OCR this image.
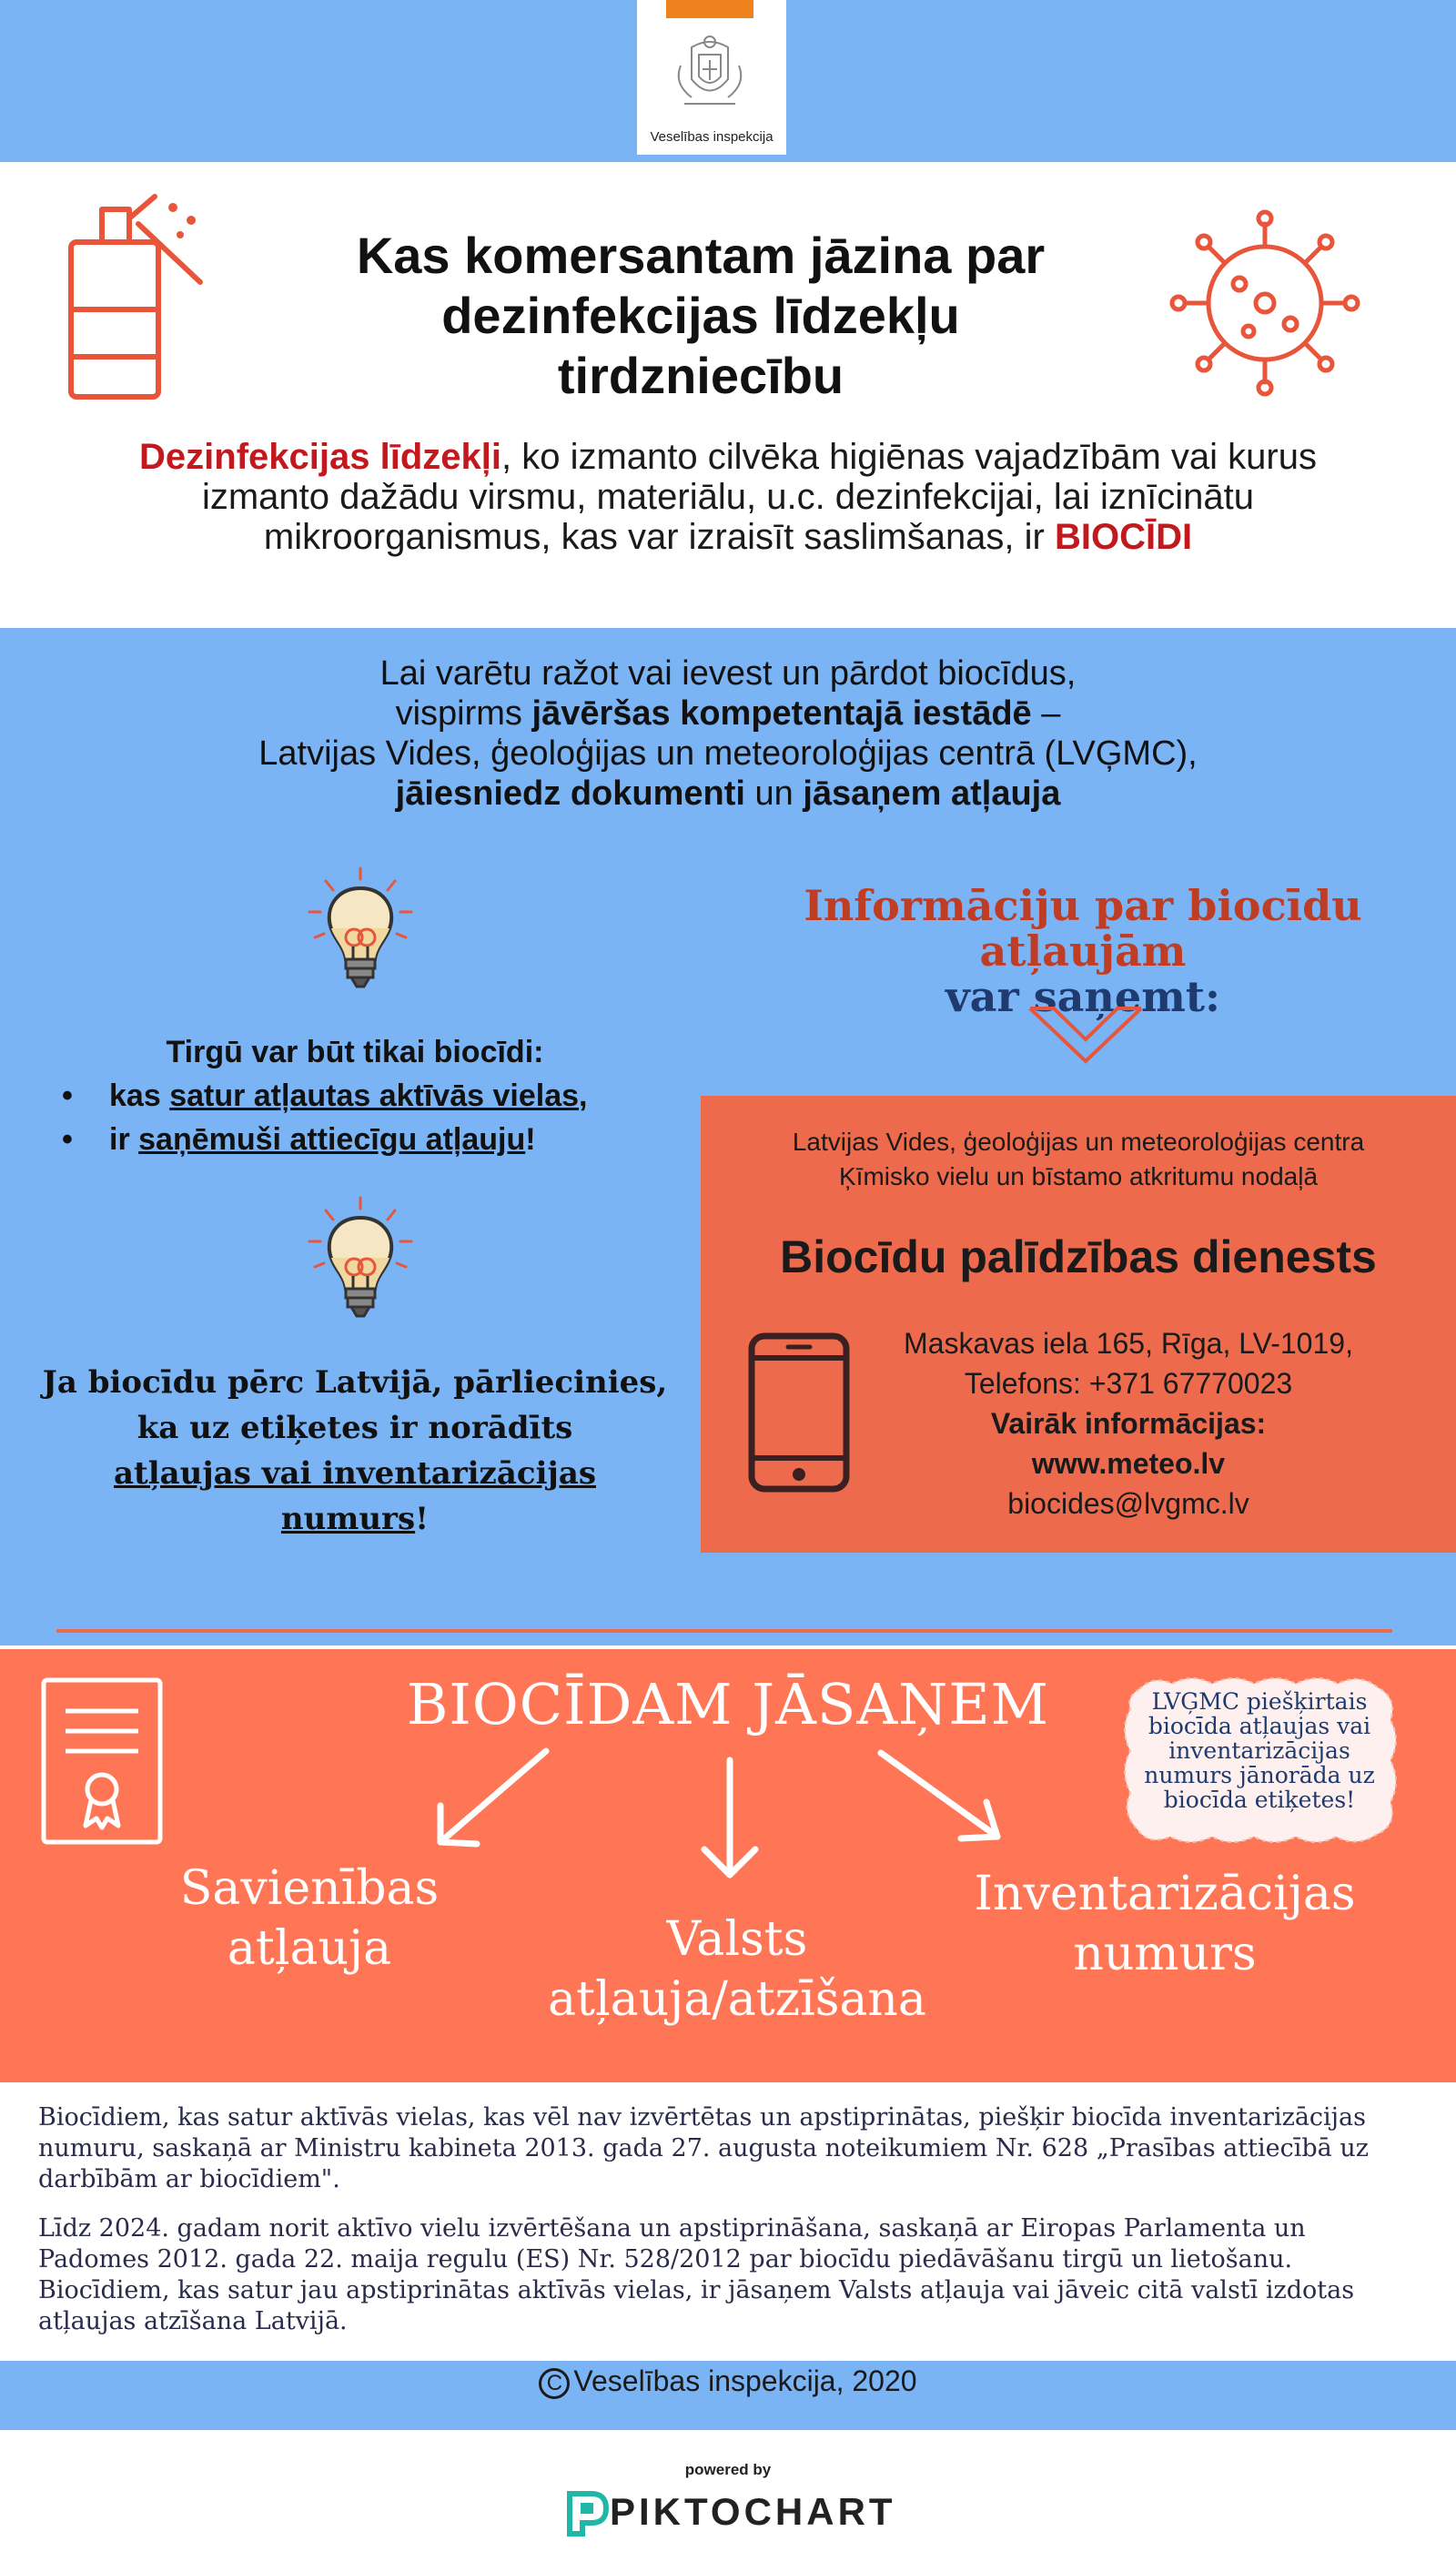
Veselības inspekcija
Kas komersantam jāzina par
dezinfekcijas līdzekļu
tirdzniecību
Dezinfekcijas līdzekļi, ko izmanto cilvēka higiēnas vajadzībām vai kurus izmanto dažādu virsmu, materiālu, u.c. dezinfekcijai, lai iznīcinātu mikroorganismus, kas var izraisīt saslimšanas, ir BIOCĪDI
Lai varētu ražot vai ievest un pārdot biocīdus,
vispirms jāvēršas kompetentajā iestādē –
Latvijas Vides, ģeoloģijas un meteoroloģijas centrā (LVĢMC),
jāiesniedz dokumenti un jāsaņem atļauja
Tirgū var būt tikai biocīdi:
• kas satur atļautas aktīvās vielas,
• ir saņēmuši attiecīgu atļauju!
Ja biocīdu pērc Latvijā, pārliecinies,
ka uz etiķetes ir norādīts
atļaujas vai inventarizācijas numurs!
Informāciju par biocīdu atļaujām
var saņemt:
Latvijas Vides, ģeoloģijas un meteoroloģijas centra
Ķīmisko vielu un bīstamo atkritumu nodaļā
Biocīdu palīdzības dienests
Maskavas iela 165, Rīga, LV-1019,
Telefons: +371 67770023
Vairāk informācijas:
www.meteo.lv
biocides@lvgmc.lv
BIOCĪDAM JĀSAŅEM	LVĢMC piešķirtais biocīda atļaujas vai inventarizācijas numurs jānorāda uz biocīda etiķetes!
Savienības
atļauja	Valsts
atļauja/atzīšana
Inventarizācijas
numurs
Biocīdiem, kas satur aktīvās vielas, kas vēl nav izvērtētas un apstiprinātas, piešķir biocīda inventarizācijas numuru, saskaņā ar Ministru kabineta 2013. gada 27. augusta noteikumiem Nr. 628 „Prasības attiecībā uz darbībām ar biocīdiem".
Līdz 2024. gadam norit aktīvo vielu izvērtēšana un apstiprināšana, saskaņā ar Eiropas Parlamenta un Padomes 2012. gada 22. maija regulu (ES) Nr. 528/2012 par biocīdu piedāvāšanu tirgū un lietošanu. Biocīdiem, kas satur jau apstiprinātas aktīvās vielas, ir jāsaņem Valsts atļauja vai jāveic citā valstī izdotas atļaujas atzīšana Latvijā.
C Veselības inspekcija, 2020
powered by
PIKTOCHART
